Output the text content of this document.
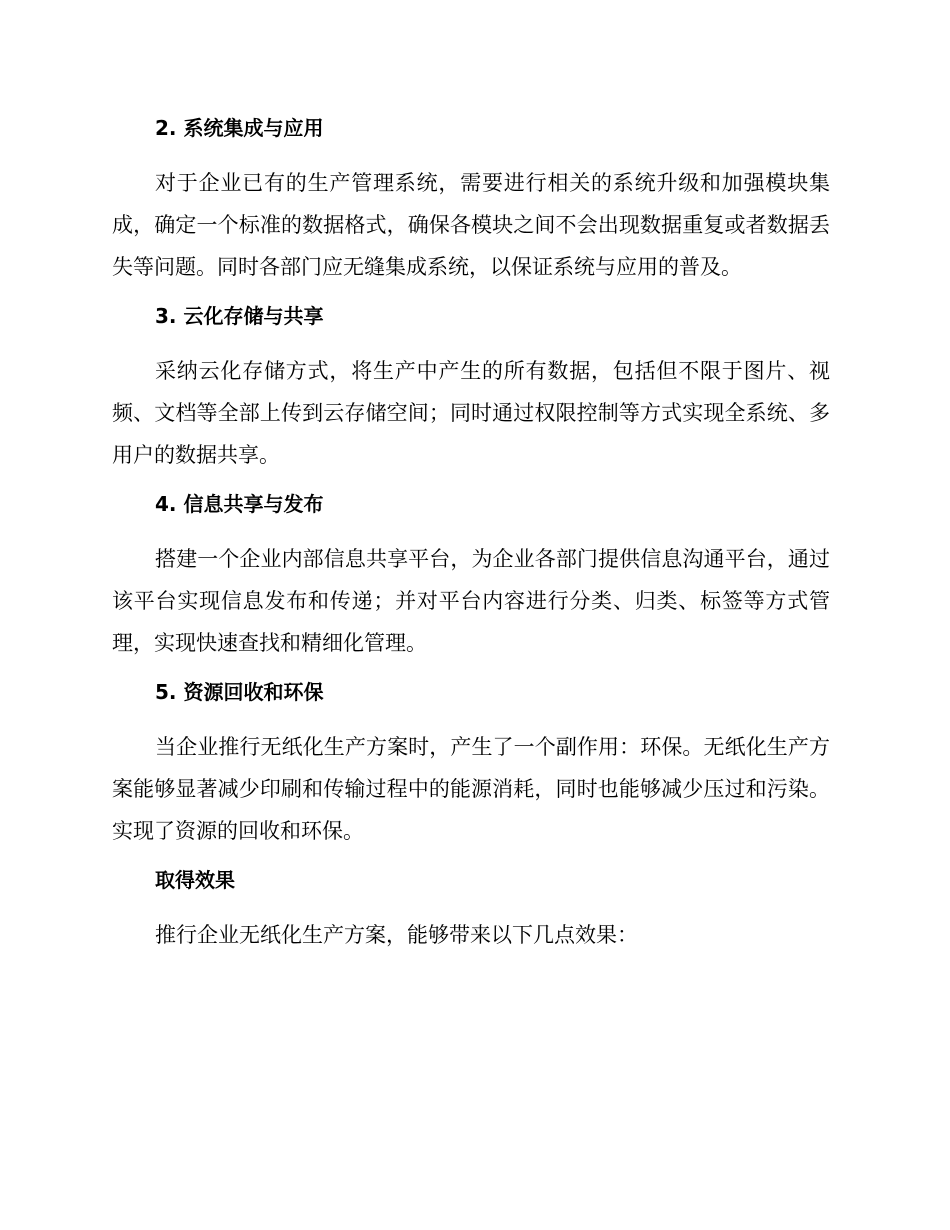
2. 系统集成与应用

对于企业已有的生产管理系统，需要进行相关的系统升级和加强模块集成，确定一个标准的数据格式，确保各模块之间不会出现数据重复或者数据丢失等问题。同时各部门应无缝集成系统，以保证系统与应用的普及。

3. 云化存储与共享

采纳云化存储方式，将生产中产生的所有数据，包括但不限于图片、视频、文档等全部上传到云存储空间；同时通过权限控制等方式实现全系统、多用户的数据共享。

4. 信息共享与发布

搭建一个企业内部信息共享平台，为企业各部门提供信息沟通平台，通过该平台实现信息发布和传递；并对平台内容进行分类、归类、标签等方式管理，实现快速查找和精细化管理。

5. 资源回收和环保

当企业推行无纸化生产方案时，产生了一个副作用：环保。无纸化生产方案能够显著减少印刷和传输过程中的能源消耗，同时也能够减少压过和污染。实现了资源的回收和环保。

取得效果

推行企业无纸化生产方案，能够带来以下几点效果：
